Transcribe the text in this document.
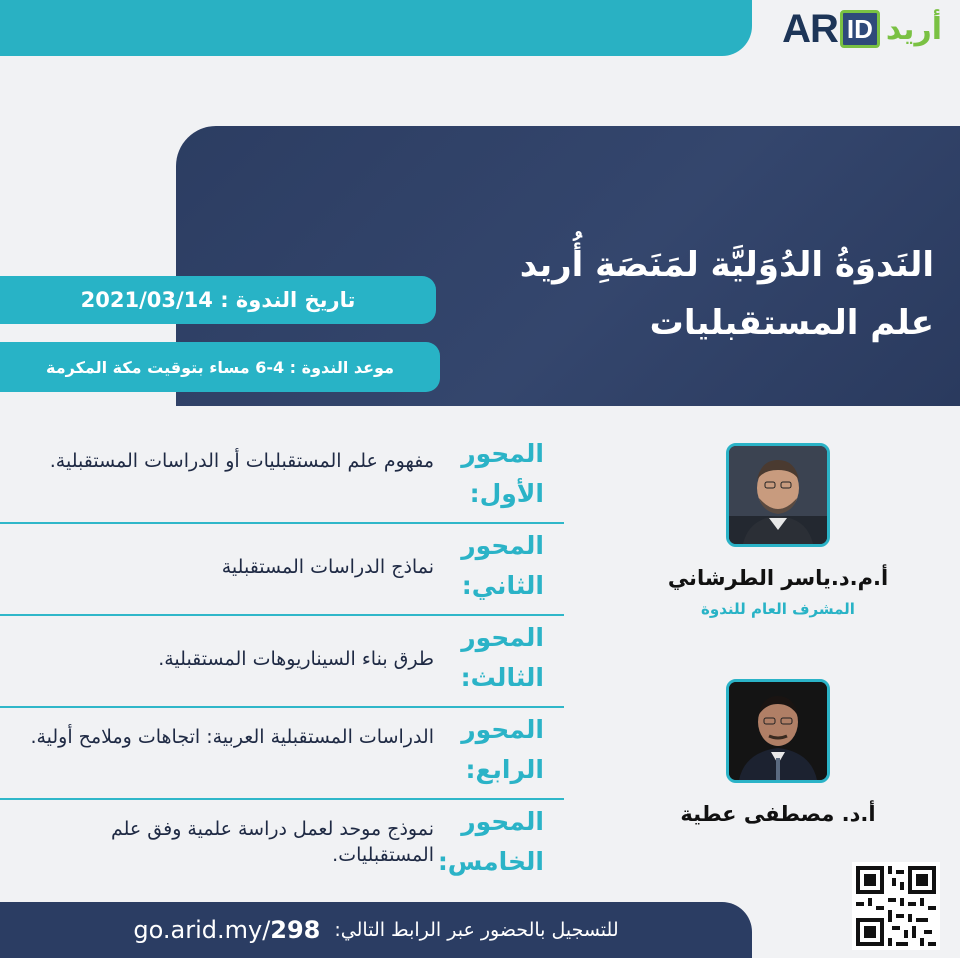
AR ID أريد
النَدوَةُ الدُوَليَّة لمَنَصَةِ أُريد
علم المستقبليات
تاريخ الندوة : 2021/03/14
موعد الندوة : 4-6 مساء بتوقيت مكة المكرمة
المحور
الأول:
مفهوم علم المستقبليات أو الدراسات المستقبلية.
المحور
الثاني:
نماذج الدراسات المستقبلية
المحور
الثالث:
طرق بناء السيناريوهات المستقبلية.
المحور
الرابع:
الدراسات المستقبلية العربية: اتجاهات وملامح أولية.
المحور
الخامس:
نموذج موحد لعمل دراسة علمية وفق علم المستقبليات.
أ.م.د.ياسر الطرشاني
المشرف العام للندوة
أ.د. مصطفى عطية
للتسجيل بالحضور عبر الرابط التالي:
go.arid.my/298
